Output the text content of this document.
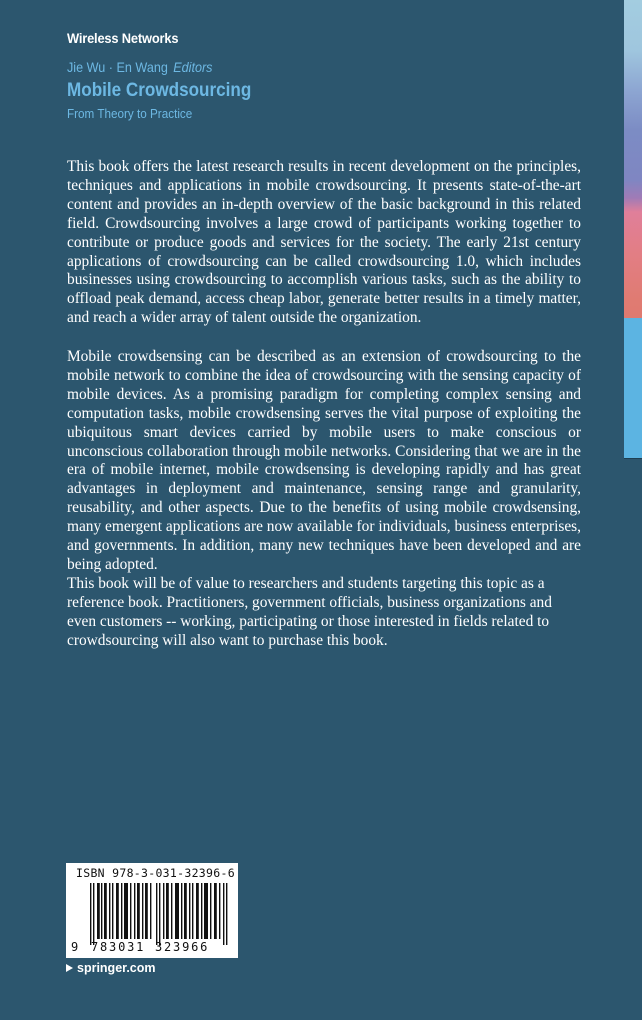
Wireless Networks
Jie Wu · En Wang Editors
Mobile Crowdsourcing
From Theory to Practice

This book offers the latest research results in recent development on the principles, techniques and applications in mobile crowdsourcing. It presents state-of-the-art content and provides an in-depth overview of the basic background in this related field. Crowdsourcing involves a large crowd of participants working together to contribute or produce goods and services for the society. The early 21st century applications of crowdsourcing can be called crowdsourcing 1.0, which includes businesses using crowdsourcing to accomplish various tasks, such as the ability to offload peak demand, access cheap labor, generate better results in a timely matter, and reach a wider array of talent outside the organization.

Mobile crowdsensing can be described as an extension of crowdsourcing to the mobile network to combine the idea of crowdsourcing with the sensing capacity of mobile devices. As a promising paradigm for completing complex sensing and computation tasks, mobile crowdsensing serves the vital purpose of exploiting the ubiquitous smart devices carried by mobile users to make conscious or unconscious collaboration through mobile networks. Considering that we are in the era of mobile internet, mobile crowdsensing is developing rapidly and has great advantages in deployment and maintenance, sensing range and granularity, reusability, and other aspects. Due to the benefits of using mobile crowdsensing, many emergent applications are now available for individuals, business enterprises, and governments. In addition, many new techniques have been developed and are being adopted.

This book will be of value to researchers and students targeting this topic as a reference book. Practitioners, government officials, business organizations and even customers -- working, participating or those interested in fields related to crowdsourcing will also want to purchase this book.

ISBN 978-3-031-32396-6
9 783031 323966
springer.com
